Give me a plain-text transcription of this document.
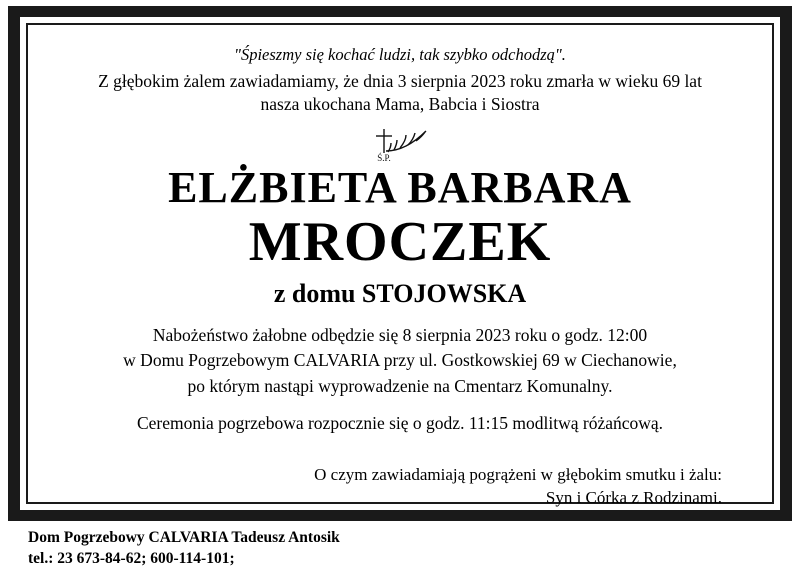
"Śpieszmy się kochać ludzi, tak szybko odchodzą".
Z głębokim żalem zawiadamiamy, że dnia 3 sierpnia 2023 roku zmarła w wieku 69 lat
nasza ukochana Mama, Babcia i Siostra
Ś.P.
ELŻBIETA BARBARA
MROCZEK
z domu STOJOWSKA
Nabożeństwo żałobne odbędzie się 8 sierpnia 2023 roku o godz. 12:00
w Domu Pogrzebowym CALVARIA przy ul. Gostkowskiej 69 w Ciechanowie,
po którym nastąpi wyprowadzenie na Cmentarz Komunalny.
Ceremonia pogrzebowa rozpocznie się o godz. 11:15 modlitwą różańcową.
O czym zawiadamiają pogrążeni w głębokim smutku i żalu:
Syn i Córka z Rodzinami.
Dom Pogrzebowy CALVARIA Tadeusz Antosik
tel.: 23 673-84-62; 600-114-101;
